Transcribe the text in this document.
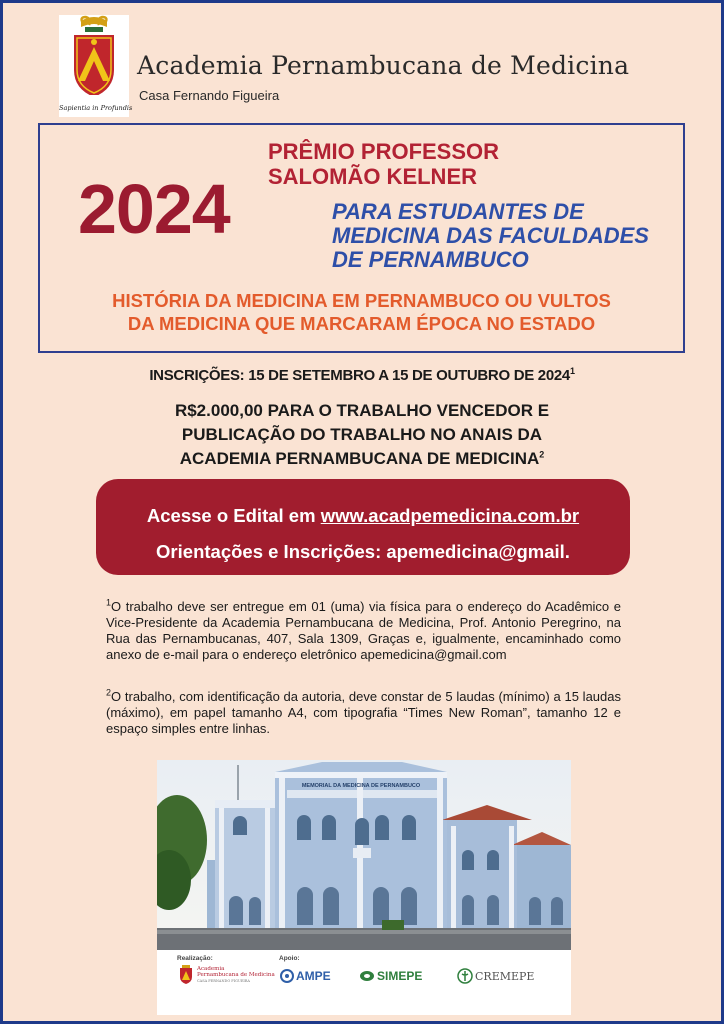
Sapientia in Profundis
Academia Pernambucana de Medicina
Casa Fernando Figueira
2024
PRÊMIO PROFESSOR
SALOMÃO KELNER
PARA ESTUDANTES DE
MEDICINA DAS FACULDADES
DE PERNAMBUCO
HISTÓRIA DA MEDICINA EM PERNAMBUCO OU VULTOS
DA MEDICINA QUE MARCARAM ÉPOCA NO ESTADO
INSCRIÇÕES: 15 DE SETEMBRO A 15 DE OUTUBRO DE 2024$^1$
R$2.000,00 PARA O TRABALHO VENCEDOR E
PUBLICAÇÃO DO TRABALHO NO ANAIS DA
ACADEMIA PERNAMBUCANA DE MEDICINA$^2$
Acesse o Edital em www.acadpemedicina.com.br
Orientações e Inscrições: apemedicina@gmail.

$^1$O trabalho deve ser entregue em 01 (uma) via física para o endereço do Acadêmico e Vice-Presidente da Academia Pernambucana de Medicina, Prof. Antonio Peregrino, na Rua das Pernambucanas, 407, Sala 1309, Graças e, igualmente, encaminhado como anexo de e-mail para o endereço eletrônico apemedicina@gmail.com

$^2$O trabalho, com identificação da autoria, deve constar de 5 laudas (mínimo) a 15 laudas (máximo), em papel tamanho A4, com tipografia “Times New Roman”, tamanho 12 e espaço simples entre linhas.

MEMORIAL DA MEDICINA DE PERNAMBUCO
Realização:
Academia
Pernambucana de Medicina
CASA FERNANDO FIGUEIRA
Apoio:
AMPE	SIMEPE	CREMEPE
